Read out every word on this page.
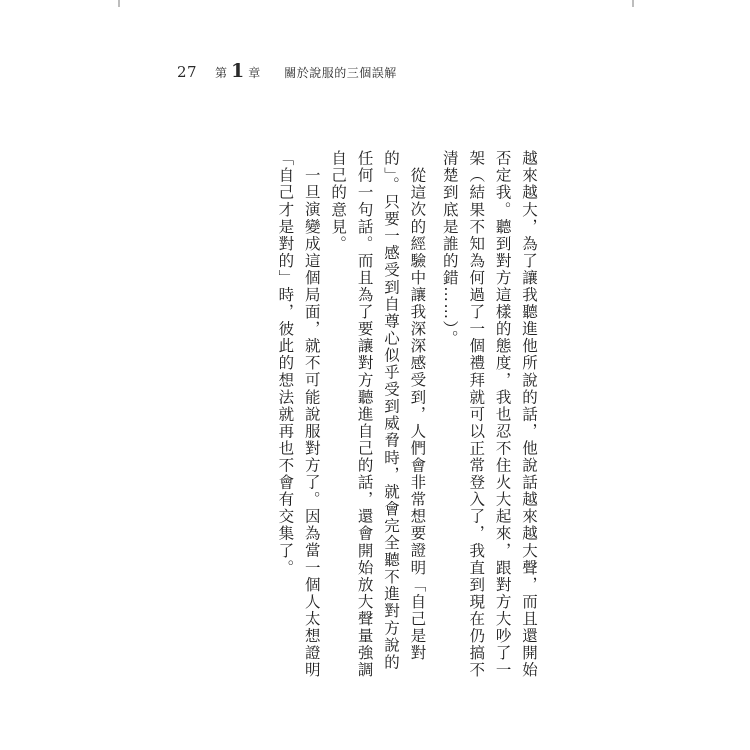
27	第 1 章 關於說服的三個誤解

越來越大，為了讓我聽進他所說的話，他說話越來越大聲，而且還開始否定我。聽到對方這樣的態度，我也忍不住火大起來，跟對方大吵了一架（結果不知為何過了一個禮拜就可以正常登入了，我直到現在仍搞不清楚到底是誰的錯……）。

從這次的經驗中讓我深深感受到，人們會非常想要證明「自己是對的」。只要一感受到自尊心似乎受到威脅時，就會完全聽不進對方說的任何一句話。而且為了要讓對方聽進自己的話，還會開始放大聲量強調自己的意見。

一旦演變成這個局面，就不可能說服對方了。因為當一個人太想證明「自己才是對的」時，彼此的想法就再也不會有交集了。
